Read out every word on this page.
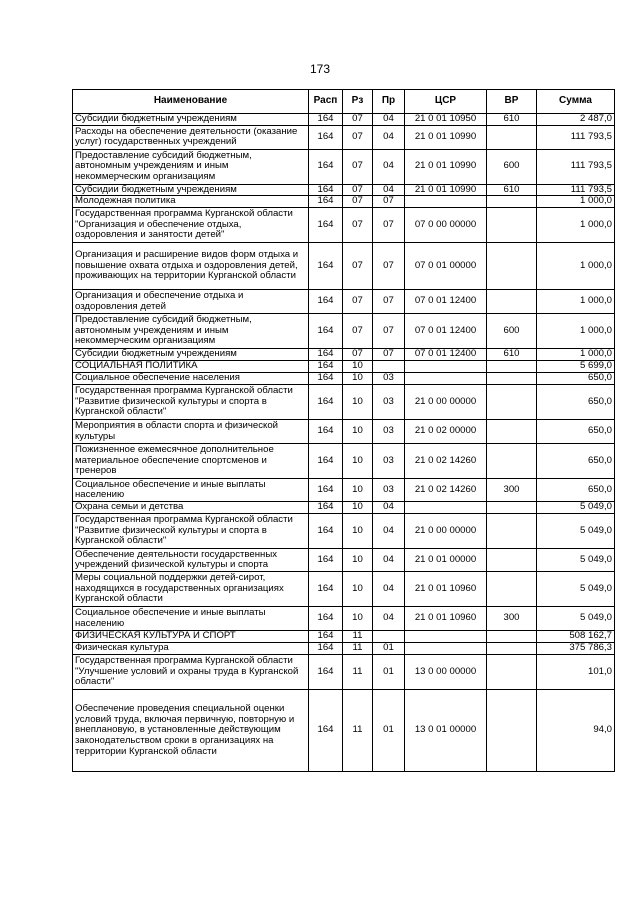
173
Наименование	Расп	Рз	Пр	ЦСР	ВР	Сумма
Субсидии бюджетным учреждениям	164	07	04	21 0 01 10950	610	2 487,0
Расходы на обеспечение деятельности (оказание услуг) государственных учреждений	164	07	04	21 0 01 10990		111 793,5
Предоставление субсидий бюджетным, автономным учреждениям и иным некоммерческим организациям	164	07	04	21 0 01 10990	600	111 793,5
Субсидии бюджетным учреждениям	164	07	04	21 0 01 10990	610	111 793,5
Молодежная политика	164	07	07			1 000,0
Государственная программа Курганской области "Организация и обеспечение отдыха, оздоровления и занятости детей"	164	07	07	07 0 00 00000		1 000,0
Организация и расширение видов форм отдыха и повышение охвата отдыха и оздоровления детей, проживающих на территории Курганской области	164	07	07	07 0 01 00000		1 000,0
Организация и обеспечение отдыха и оздоровления детей	164	07	07	07 0 01 12400		1 000,0
Предоставление субсидий бюджетным, автономным учреждениям и иным некоммерческим организациям	164	07	07	07 0 01 12400	600	1 000,0
Субсидии бюджетным учреждениям	164	07	07	07 0 01 12400	610	1 000,0
СОЦИАЛЬНАЯ ПОЛИТИКА	164	10				5 699,0
Социальное обеспечение населения	164	10	03			650,0
Государственная программа Курганской области "Развитие физической культуры и спорта в Курганской области"	164	10	03	21 0 00 00000		650,0
Мероприятия в области спорта и физической культуры	164	10	03	21 0 02 00000		650,0
Пожизненное ежемесячное дополнительное материальное обеспечение спортсменов и тренеров	164	10	03	21 0 02 14260		650,0
Социальное обеспечение и иные выплаты населению	164	10	03	21 0 02 14260	300	650,0
Охрана семьи и детства	164	10	04			5 049,0
Государственная программа Курганской области "Развитие физической культуры и спорта в Курганской области"	164	10	04	21 0 00 00000		5 049,0
Обеспечение деятельности государственных учреждений физической культуры и спорта	164	10	04	21 0 01 00000		5 049,0
Меры социальной поддержки детей-сирот, находящихся в государственных организациях Курганской области	164	10	04	21 0 01 10960		5 049,0
Социальное обеспечение и иные выплаты населению	164	10	04	21 0 01 10960	300	5 049,0
ФИЗИЧЕСКАЯ КУЛЬТУРА И СПОРТ	164	11				508 162,7
Физическая культура	164	11	01			375 786,3
Государственная программа Курганской области "Улучшение условий и охраны труда в Курганской области"	164	11	01	13 0 00 00000		101,0
Обеспечение проведения специальной оценки условий труда, включая первичную, повторную и внеплановую, в установленные действующим законодательством сроки в организациях на территории Курганской области	164	11	01	13 0 01 00000		94,0
